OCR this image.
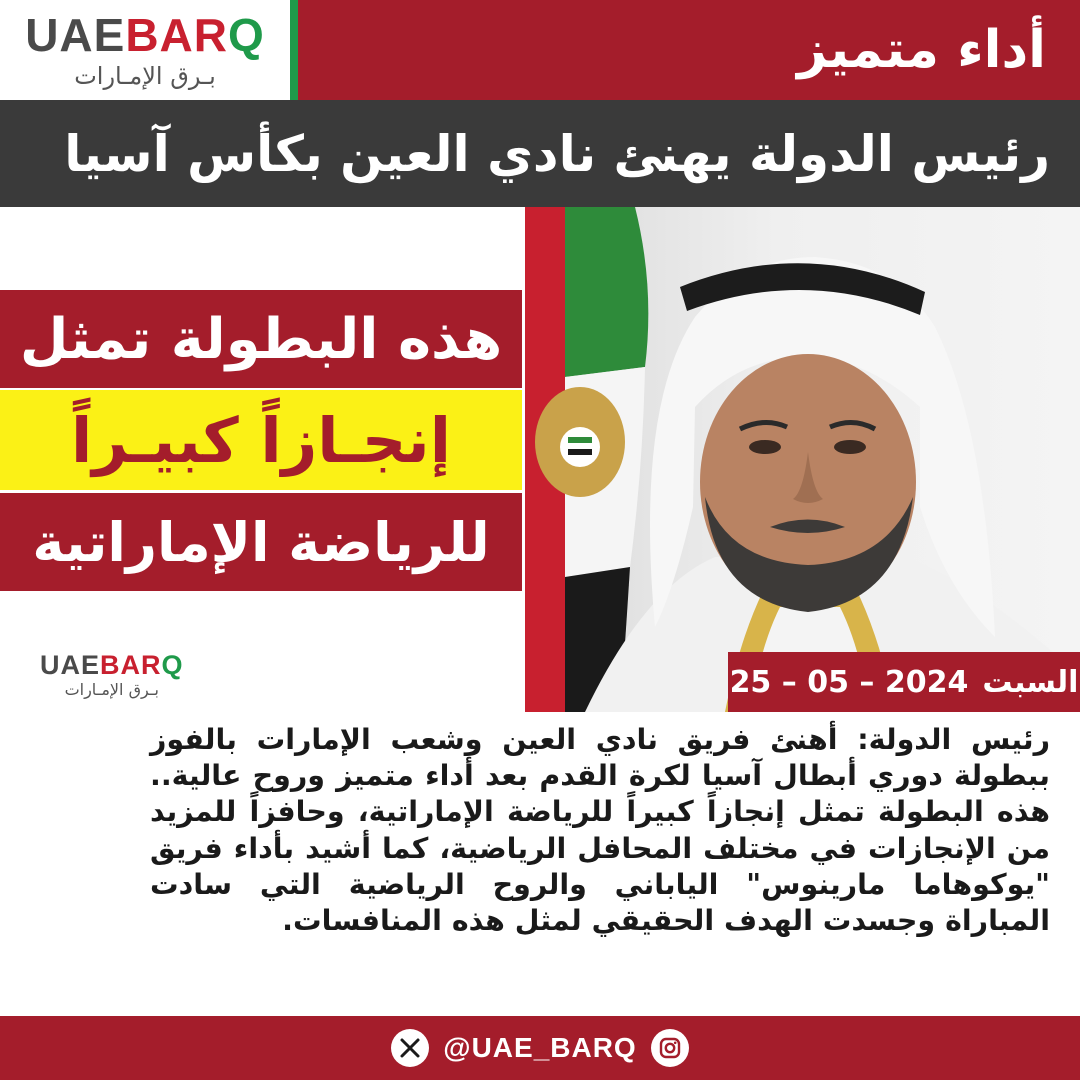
UAEBARQ
بـرق الإمـارات	أداء متميز
رئيس الدولة يهنئ نادي العين بكأس آسيا
السبت
25 – 05 – 2024
هذه البطولة تمثل
إنجـازاً كبيـراً
للرياضة الإماراتية
UAEBARQ
بـرق الإمـارات
رئيس الدولة: أهنئ فريق نادي العين وشعب الإمارات بالفوز ببطولة دوري أبطال آسيا لكرة القدم بعد أداء متميز وروح عالية.. هذه البطولة تمثل إنجازاً كبيراً للرياضة الإماراتية، وحافزاً للمزيد من الإنجازات في مختلف المحافل الرياضية، كما أشيد بأداء فريق "يوكوهاما مارينوس" الياباني والروح الرياضية التي سادت المباراة وجسدت الهدف الحقيقي لمثل هذه المنافسات.
@UAE_BARQ
